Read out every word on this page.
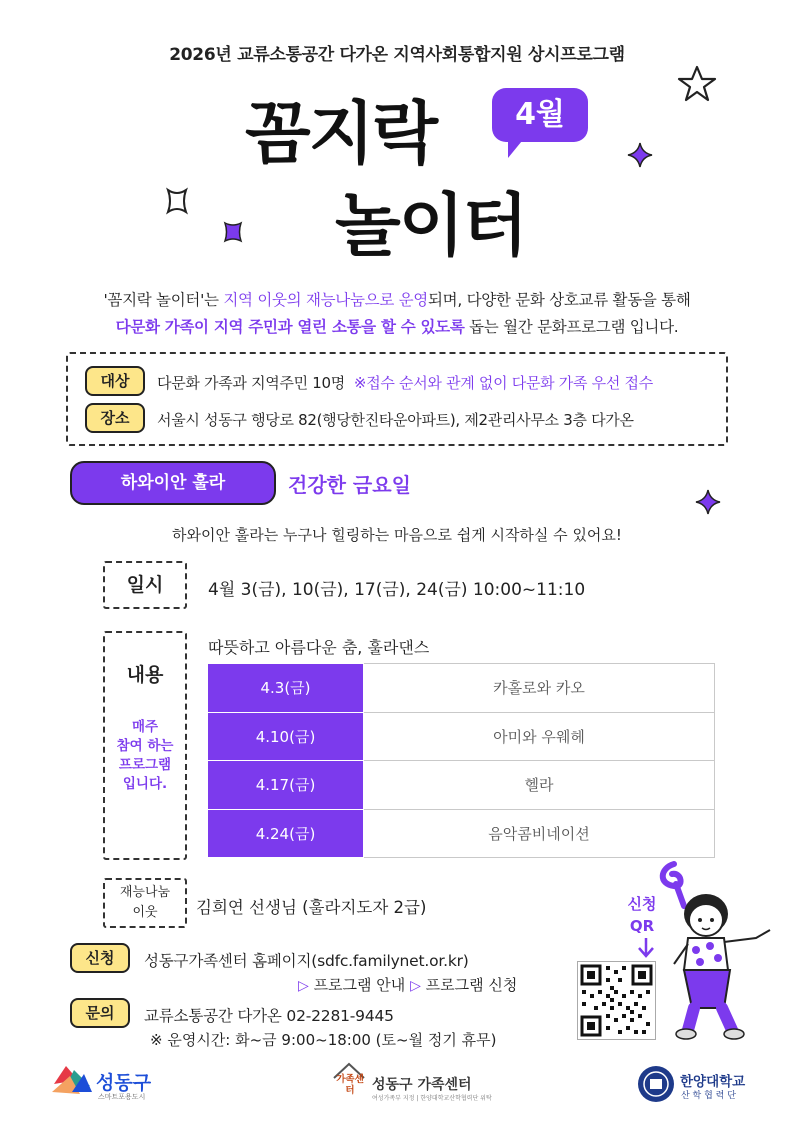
2026년 교류소통공간 다가온 지역사회통합지원 상시프로그램
꼼지락	4월
놀이터
'꼼지락 놀이터'는 지역 이웃의 재능나눔으로 운영되며, 다양한 문화 상호교류 활동을 통해
다문화 가족이 지역 주민과 열린 소통을 할 수 있도록 돕는 월간 문화프로그램 입니다.
대상	다문화 가족과 지역주민 10명 ※접수 순서와 관계 없이 다문화 가족 우선 접수
장소	서울시 성동구 행당로 82(행당한진타운아파트), 제2관리사무소 3층 다가온
하와이안 훌라	건강한 금요일
하와이안 훌라는 누구나 힐링하는 마음으로 쉽게 시작하실 수 있어요!
일시	4월 3(금), 10(금), 17(금), 24(금) 10:00~11:10
내용
매주
참여 하는
프로그램
입니다.
따뜻하고 아름다운 춤, 훌라댄스
4.3(금)	카홀로와 카오
4.10(금)	아미와 우웨헤
4.17(금)	헬라
4.24(금)	음악콤비네이션
재능나눔
이웃	김희연 선생님 (훌라지도자 2급)
신청	성동구가족센터 홈페이지(sdfc.familynet.or.kr)
▷ 프로그램 안내 ▷ 프로그램 신청
문의	교류소통공간 다가온 02-2281-9445
※ 운영시간: 화~금 9:00~18:00 (토~월 정기 휴무)
신청
QR
성동구
스마트포용도시
가족센터	성동구 가족센터
여성가족부 지정 | 한양대학교산학협력단 위탁
한양대학교
산 학 협 력 단
